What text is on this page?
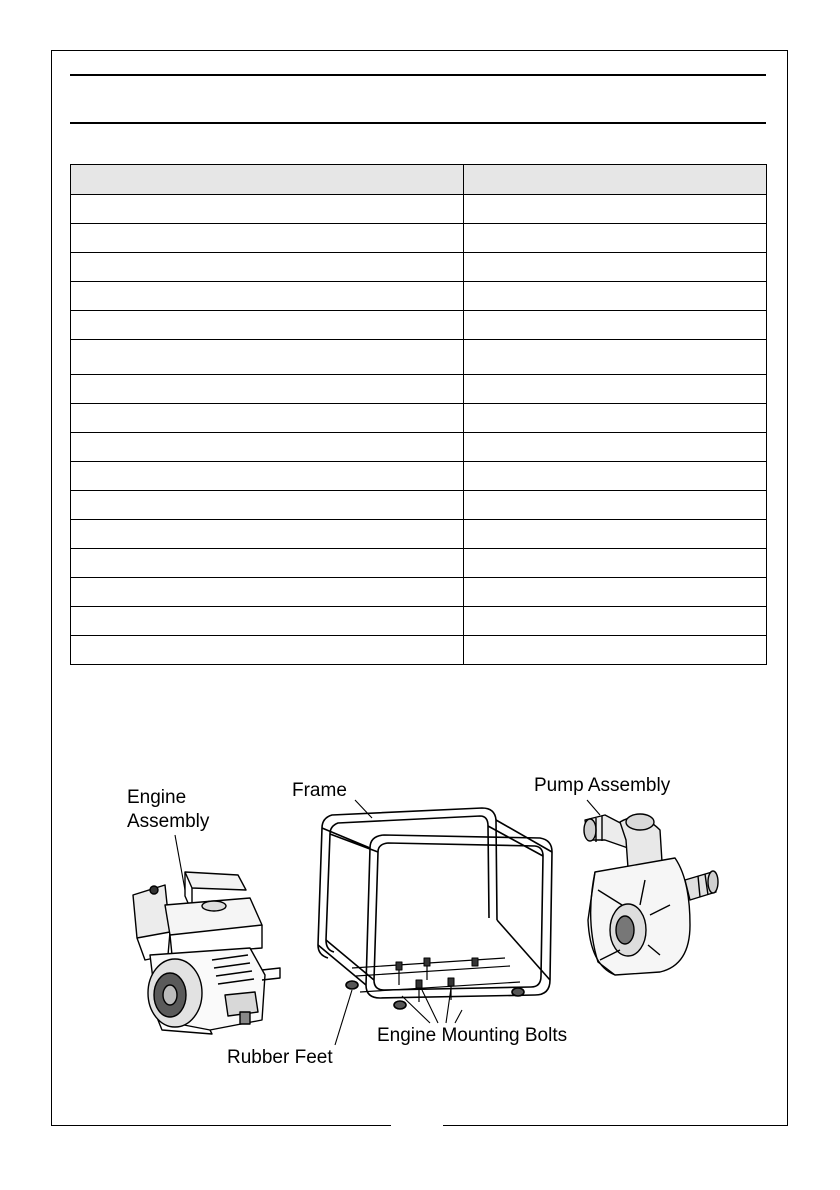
Engine
Assembly
Frame	Pump Assembly
Engine Mounting Bolts
Rubber Feet
